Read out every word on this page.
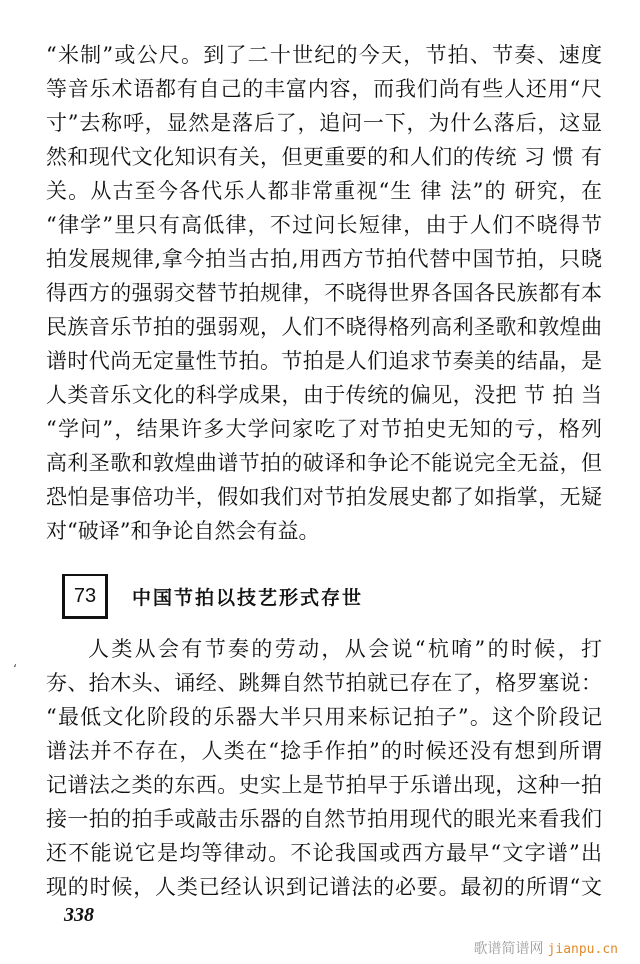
“米制”或公尺。到了二十世纪的今天，节拍、节奏、速度
等音乐术语都有自己的丰富内容，而我们尚有些人还用“尺
寸”去称呼，显然是落后了，追问一下，为什么落后，这显
然和现代文化知识有关，但更重要的和人们的传统 习 惯 有
关。从古至今各代乐人都非常重视“生 律 法”的 研究，在
“律学”里只有高低律，不过问长短律，由于人们不晓得节
拍发展规律,拿今拍当古拍,用西方节拍代替中国节拍，只晓
得西方的强弱交替节拍规律，不晓得世界各国各民族都有本
民族音乐节拍的强弱观，人们不晓得格列高利圣歌和敦煌曲
谱时代尚无定量性节拍。节拍是人们追求节奏美的结晶，是
人类音乐文化的科学成果，由于传统的偏见，没把 节 拍 当
“学问”，结果许多大学问家吃了对节拍史无知的亏，格列
高利圣歌和敦煌曲谱节拍的破译和争论不能说完全无益，但
恐怕是事倍功半，假如我们对节拍发展史都了如指掌，无疑
对“破译”和争论自然会有益。
73	中国节拍以技艺形式存世
ʻ
人类从会有节奏的劳动，从会说“杭唷”的时候，打
夯、抬木头、诵经、跳舞自然节拍就已存在了，格罗塞说：
“最低文化阶段的乐器大半只用来标记拍子”。这个阶段记
谱法并不存在，人类在“捻手作拍”的时候还没有想到所谓
记谱法之类的东西。史实上是节拍早于乐谱出现，这种一拍
接一拍的拍手或敲击乐器的自然节拍用现代的眼光来看我们
还不能说它是均等律动。不论我国或西方最早“文字谱”出
现的时候，人类已经认识到记谱法的必要。最初的所谓“文
338
歌谱简谱网 jianpu.cn
